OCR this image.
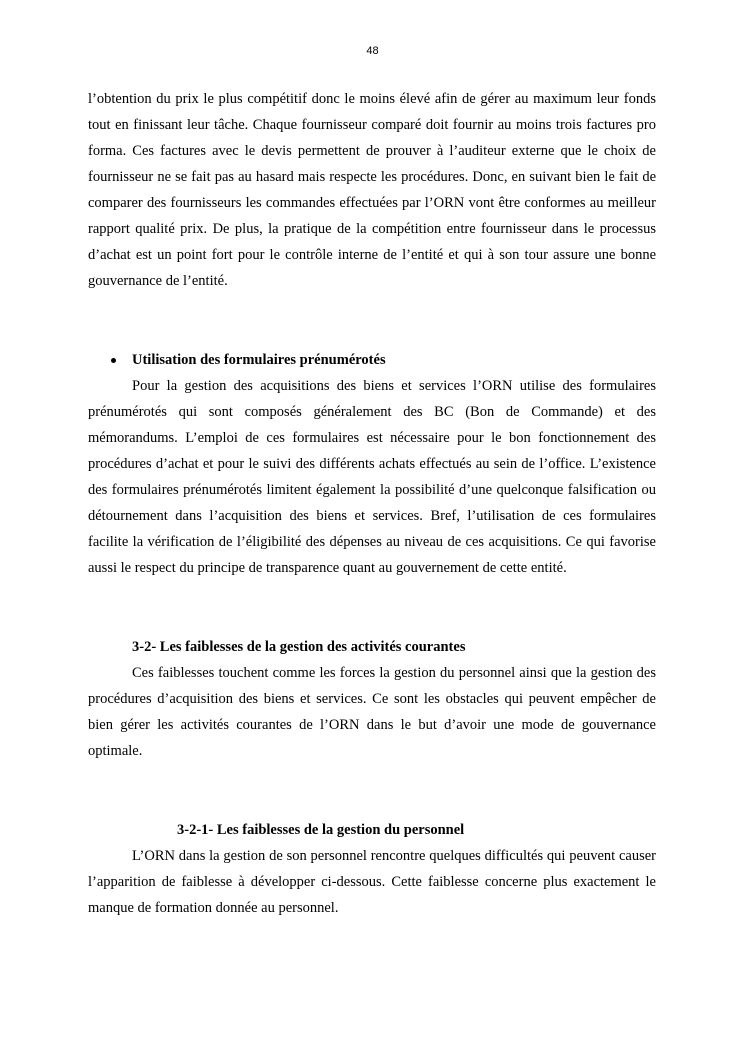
48

l’obtention du prix le plus compétitif donc le moins élevé afin de gérer au maximum leur fonds tout en finissant leur tâche. Chaque fournisseur comparé doit fournir au moins trois factures pro forma. Ces factures avec le devis permettent de prouver à l’auditeur externe que le choix de fournisseur ne se fait pas au hasard mais respecte les procédures. Donc, en suivant bien le fait de comparer des fournisseurs les commandes effectuées par l’ORN vont être conformes au meilleur rapport qualité prix. De plus, la pratique de la compétition entre fournisseur dans le processus d’achat est un point fort pour le contrôle interne de l’entité et qui à son tour assure une bonne gouvernance de l’entité.

Utilisation des formulaires prénumérotés

Pour la gestion des acquisitions des biens et services l’ORN utilise des formulaires prénumérotés qui sont composés généralement des BC (Bon de Commande) et des mémorandums. L’emploi de ces formulaires est nécessaire pour le bon fonctionnement des procédures d’achat et pour le suivi des différents achats effectués au sein de l’office. L’existence des formulaires prénumérotés limitent également la possibilité d’une quelconque falsification ou détournement dans l’acquisition des biens et services. Bref, l’utilisation de ces formulaires facilite la vérification de l’éligibilité des dépenses au niveau de ces acquisitions. Ce qui favorise aussi le respect du principe de transparence quant au gouvernement de cette entité.

3-2- Les faiblesses de la gestion des activités courantes

Ces faiblesses touchent comme les forces la gestion du personnel ainsi que la gestion des procédures d’acquisition des biens et services. Ce sont les obstacles qui peuvent empêcher de bien gérer les activités courantes de l’ORN dans le but d’avoir une mode de gouvernance optimale.

3-2-1- Les faiblesses de la gestion du personnel

L’ORN dans la gestion de son personnel rencontre quelques difficultés qui peuvent causer l’apparition de faiblesse à développer ci-dessous. Cette faiblesse concerne plus exactement le manque de formation donnée au personnel.
